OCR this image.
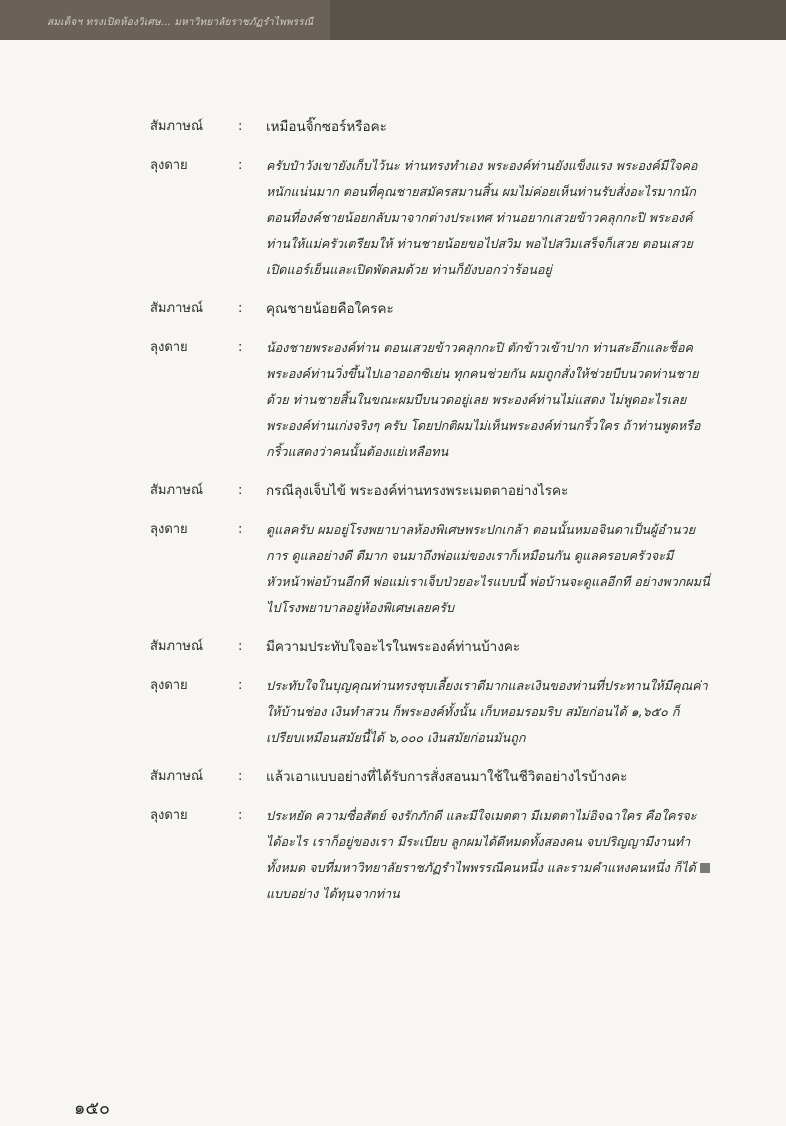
สมเด็จฯ ทรงเปิดห้องวิเศษ... มหาวิทยาลัยราชภัฏรำไพพรรณี
สัมภาษณ์	:	เหมือนจิ๊กซอร์หรือคะ
ลุงดาย	:	ครับป๋าวังเขายังเก็บไว้นะ ท่านทรงทำเอง พระองค์ท่านยังแข็งแรง พระองค์มีใจคอหนักแน่นมาก ตอนที่คุณชายสมัครสมานสิ้น ผมไม่ค่อยเห็นท่านรับสั่งอะไรมากนัก ตอนที่องค์ชายน้อยกลับมาจากต่างประเทศ ท่านอยากเสวยข้าวคลุกกะปิ พระองค์ท่านให้แม่ครัวเตรียมให้ ท่านชายน้อยขอไปสวิม พอไปสวิมเสร็จก็เสวย ตอนเสวยเปิดแอร์เย็นและเปิดพัดลมด้วย ท่านก็ยังบอกว่าร้อนอยู่
สัมภาษณ์	:	คุณชายน้อยคือใครคะ
ลุงดาย	:	น้องชายพระองค์ท่าน ตอนเสวยข้าวคลุกกะปิ ตักข้าวเข้าปาก ท่านสะอึกและช็อค พระองค์ท่านวิ่งขึ้นไปเอาออกซิเย่น ทุกคนช่วยกัน ผมถูกสั่งให้ช่วยบีบนวดท่านชายด้วย ท่านชายสิ้นในขณะผมบีบนวดอยู่เลย พระองค์ท่านไม่แสดง ไม่พูดอะไรเลย พระองค์ท่านเก่งจริงๆ ครับ โดยปกติผมไม่เห็นพระองค์ท่านกริ้วใคร ถ้าท่านพูดหรือกริ้วแสดงว่าคนนั้นต้องแย่เหลือทน
สัมภาษณ์	:	กรณีลุงเจ็บไข้ พระองค์ท่านทรงพระเมตตาอย่างไรคะ
ลุงดาย	:	ดูแลครับ ผมอยู่โรงพยาบาลห้องพิเศษพระปกเกล้า ตอนนั้นหมอจินดาเป็นผู้อำนวยการ ดูแลอย่างดี ดีมาก จนมาถึงพ่อแม่ของเราก็เหมือนกัน ดูแลครอบครัวจะมีหัวหน้าพ่อบ้านอีกที พ่อแม่เราเจ็บป่วยอะไรแบบนี้ พ่อบ้านจะดูแลอีกที อย่างพวกผมนี่ไปโรงพยาบาลอยู่ห้องพิเศษเลยครับ
สัมภาษณ์	:	มีความประทับใจอะไรในพระองค์ท่านบ้างคะ
ลุงดาย	:	ประทับใจในบุญคุณท่านทรงชุบเลี้ยงเราดีมากและเงินของท่านที่ประทานให้มีคุณค่า ให้บ้านช่อง เงินทำสวน ก็พระองค์ทั้งนั้น เก็บหอมรอมริบ สมัยก่อนได้ ๑,๖๕๐ ก็เปรียบเหมือนสมัยนี้ได้ ๖,๐๐๐ เงินสมัยก่อนมันถูก
สัมภาษณ์	:	แล้วเอาแบบอย่างที่ได้รับการสั่งสอนมาใช้ในชีวิตอย่างไรบ้างคะ
ลุงดาย	:	ประหยัด ความซื่อสัตย์ จงรักภักดี และมีใจเมตตา มีเมตตาไม่อิจฉาใคร คือใครจะได้อะไร เราก็อยู่ของเรา มีระเบียบ ลูกผมได้ดีหมดทั้งสองคน จบปริญญามีงานทำทั้งหมด จบที่มหาวิทยาลัยราชภัฏรำไพพรรณีคนหนึ่ง และรามคำแหงคนหนึ่ง ก็ได้แบบอย่าง ได้ทุนจากท่าน
๑๕๐
